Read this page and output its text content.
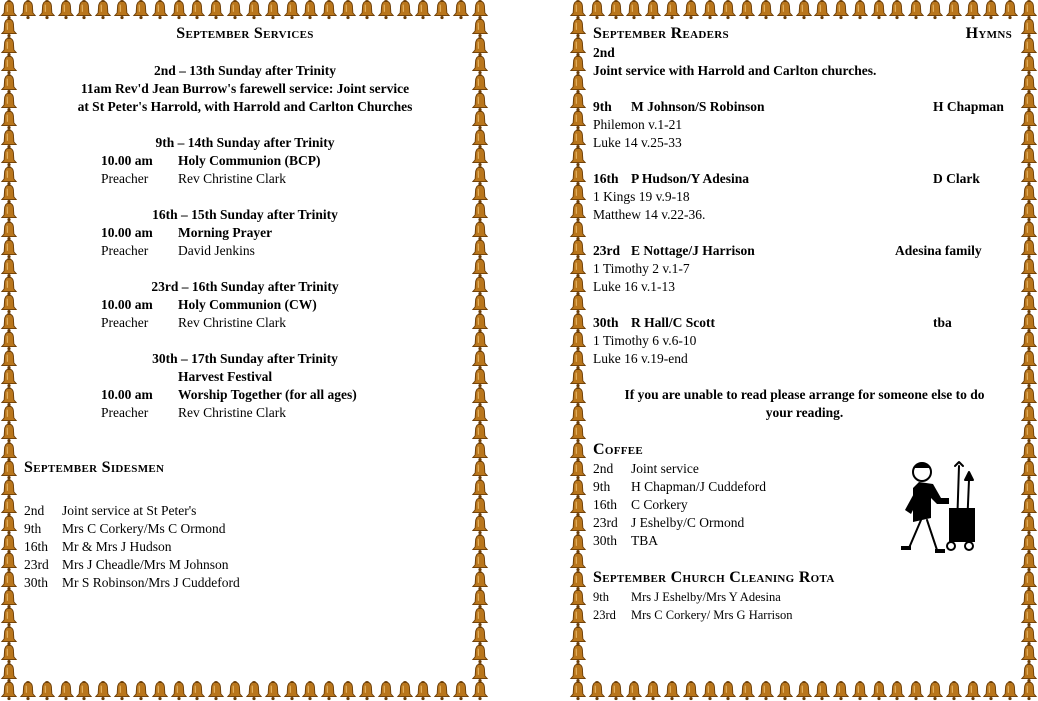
September Services
2nd – 13th Sunday after Trinity
11am Rev'd Jean Burrow's farewell service: Joint service
at St Peter's Harrold, with Harrold and Carlton Churches
9th – 14th Sunday after Trinity
10.00 am	Holy Communion (BCP)
Preacher	Rev Christine Clark
16th – 15th Sunday after Trinity
10.00 am	Morning Prayer
Preacher	David Jenkins
23rd – 16th Sunday after Trinity
10.00 am	Holy Communion (CW)
Preacher	Rev Christine Clark
30th – 17th Sunday after Trinity
Harvest Festival
10.00 am	Worship Together (for all ages)
Preacher	Rev Christine Clark
September Sidesmen
2nd	Joint service at St Peter's
9th	Mrs C Corkery/Ms C Ormond
16th	Mr & Mrs J Hudson
23rd Mrs J Cheadle/Mrs M Johnson
30th	Mr S Robinson/Mrs J Cuddeford
September Readers	Hymns
2nd
Joint service with Harrold and Carlton churches.
9th	M Johnson/S Robinson	H Chapman
Philemon v.1-21
Luke 14 v.25-33
16th P Hudson/Y Adesina	D Clark
1 Kings 19 v.9-18
Matthew 14 v.22-36.
23rd E Nottage/J Harrison	Adesina family
1 Timothy 2 v.1-7
Luke 16 v.1-13
30th R Hall/C Scott	tba
1 Timothy 6 v.6-10
Luke 16 v.19-end
If you are unable to read please arrange for someone else to do
your reading.
Coffee
2nd	Joint service
9th	H Chapman/J Cuddeford
16th	C Corkery
23rd J Eshelby/C Ormond
30th	TBA
September Church Cleaning Rota
9th	Mrs J Eshelby/Mrs Y Adesina
23rd	Mrs C Corkery/ Mrs G Harrison
